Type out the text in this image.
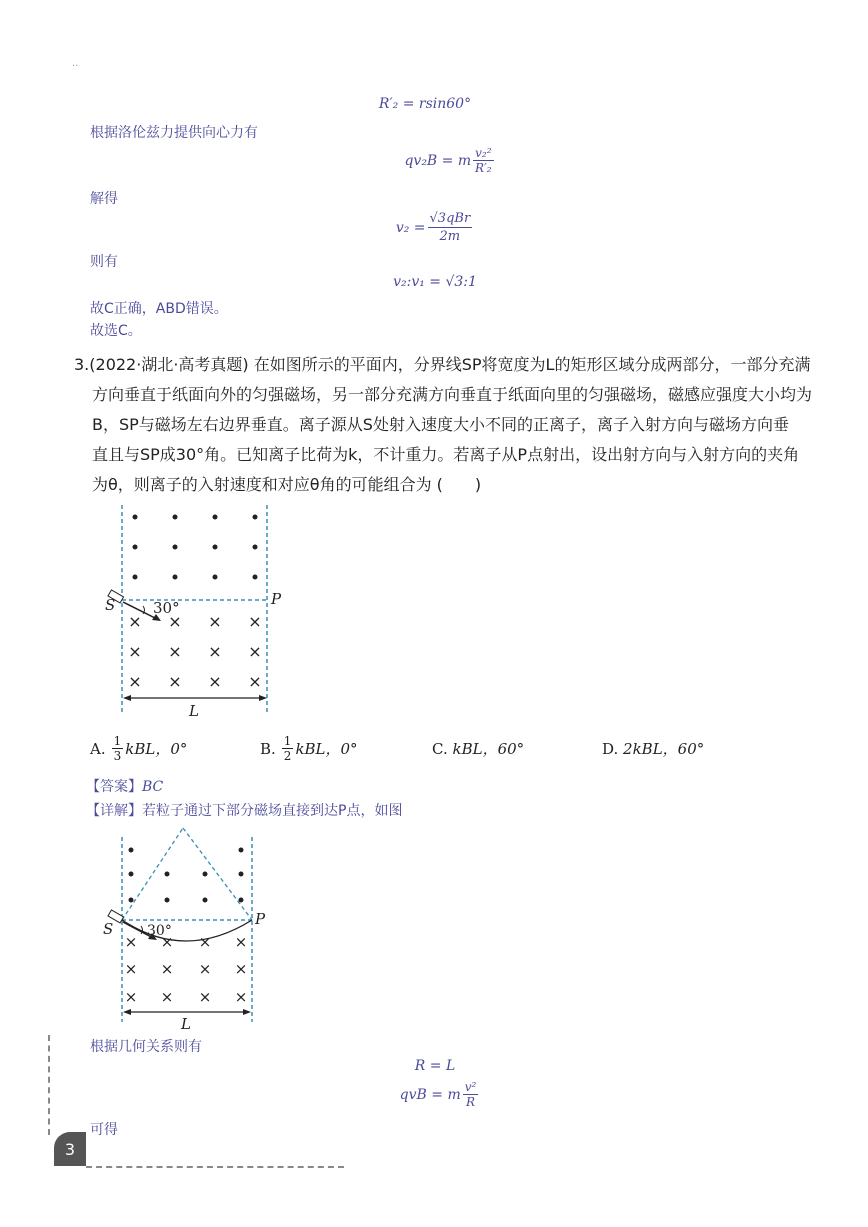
..
R′₂ = rsin60°
根据洛伦兹力提供向心力有
qv₂B = m $\frac{\text{v₂²}}{\text{R′₂}}$
解得
$v_2 = \frac{\text{√3qBr}}{2m}$
则有
v₂:v₁ = √3:1
故C正确，ABD错误。
故选C。
3.(2022·湖北·高考真题) 在如图所示的平面内，分界线SP将宽度为L的矩形区域分成两部分，一部分充满
方向垂直于纸面向外的匀强磁场，另一部分充满方向垂直于纸面向里的匀强磁场，磁感应强度大小均为
B，SP与磁场左右边界垂直。离子源从S处射入速度大小不同的正离子，离子入射方向与磁场方向垂
直且与SP成30°角。已知离子比荷为k，不计重力。若离子从P点射出，设出射方向与入射方向的夹角
为θ，则离子的入射速度和对应θ角的可能组合为 (　　)
× × × ×
× × × ×
× × × ×
30°
S	P
L
A. $\frac{1}{3}$ kBL，0°	B. $\frac{1}{2}$ kBL，0°	C. kBL，60°	D. 2kBL，60°
【答案】BC
【详解】若粒子通过下部分磁场直接到达P点，如图
× × × ×
× × × ×
× × × ×
30°
S
P
L
根据几何关系则有
R = L
qvB = m $\frac{\text{v²}}{R}$
可得
3
